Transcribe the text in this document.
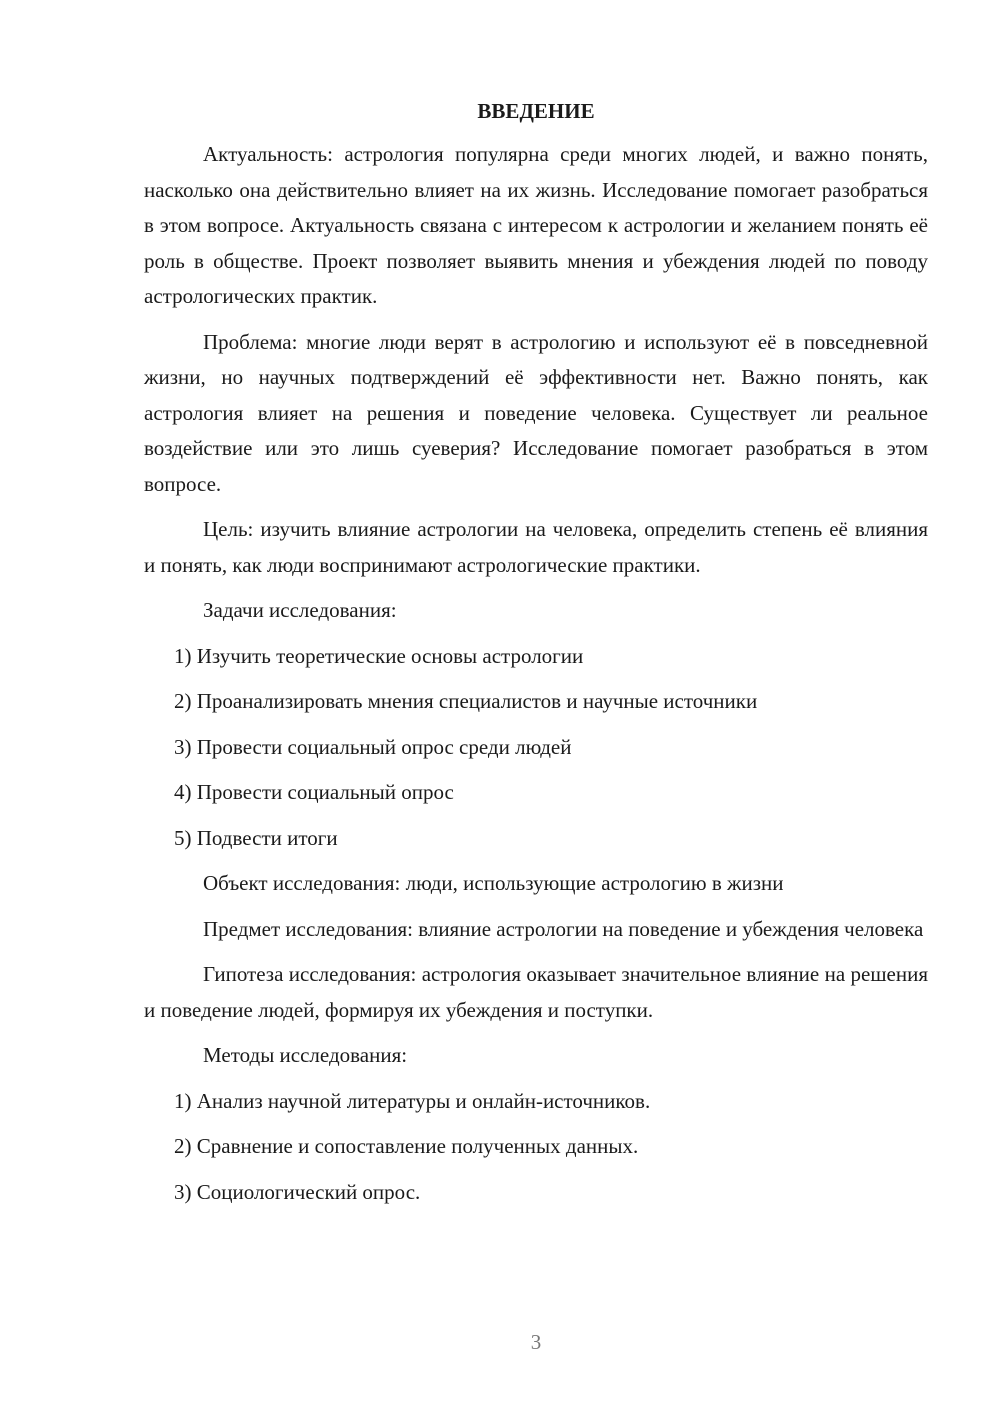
ВВЕДЕНИЕ

Актуальность: астрология популярна среди многих людей, и важно понять, насколько она действительно влияет на их жизнь. Исследование помогает разобраться в этом вопросе. Актуальность связана с интересом к астрологии и желанием понять её роль в обществе. Проект позволяет выявить мнения и убеждения людей по поводу астрологических практик.

Проблема: многие люди верят в астрологию и используют её в повседневной жизни, но научных подтверждений её эффективности нет. Важно понять, как астрология влияет на решения и поведение человека. Существует ли реальное воздействие или это лишь суеверия? Исследование помогает разобраться в этом вопросе.

Цель: изучить влияние астрологии на человека, определить степень её влияния и понять, как люди воспринимают астрологические практики.

Задачи исследования:

1) Изучить теоретические основы астрологии

2) Проанализировать мнения специалистов и научные источники

3) Провести социальный опрос среди людей

4) Провести социальный опрос

5) Подвести итоги

Объект исследования: люди, использующие астрологию в жизни

Предмет исследования: влияние астрологии на поведение и убеждения человека

Гипотеза исследования: астрология оказывает значительное влияние на решения и поведение людей, формируя их убеждения и поступки.

Методы исследования:

1) Анализ научной литературы и онлайн-источников.

2) Сравнение и сопоставление полученных данных.

3) Социологический опрос.

3
